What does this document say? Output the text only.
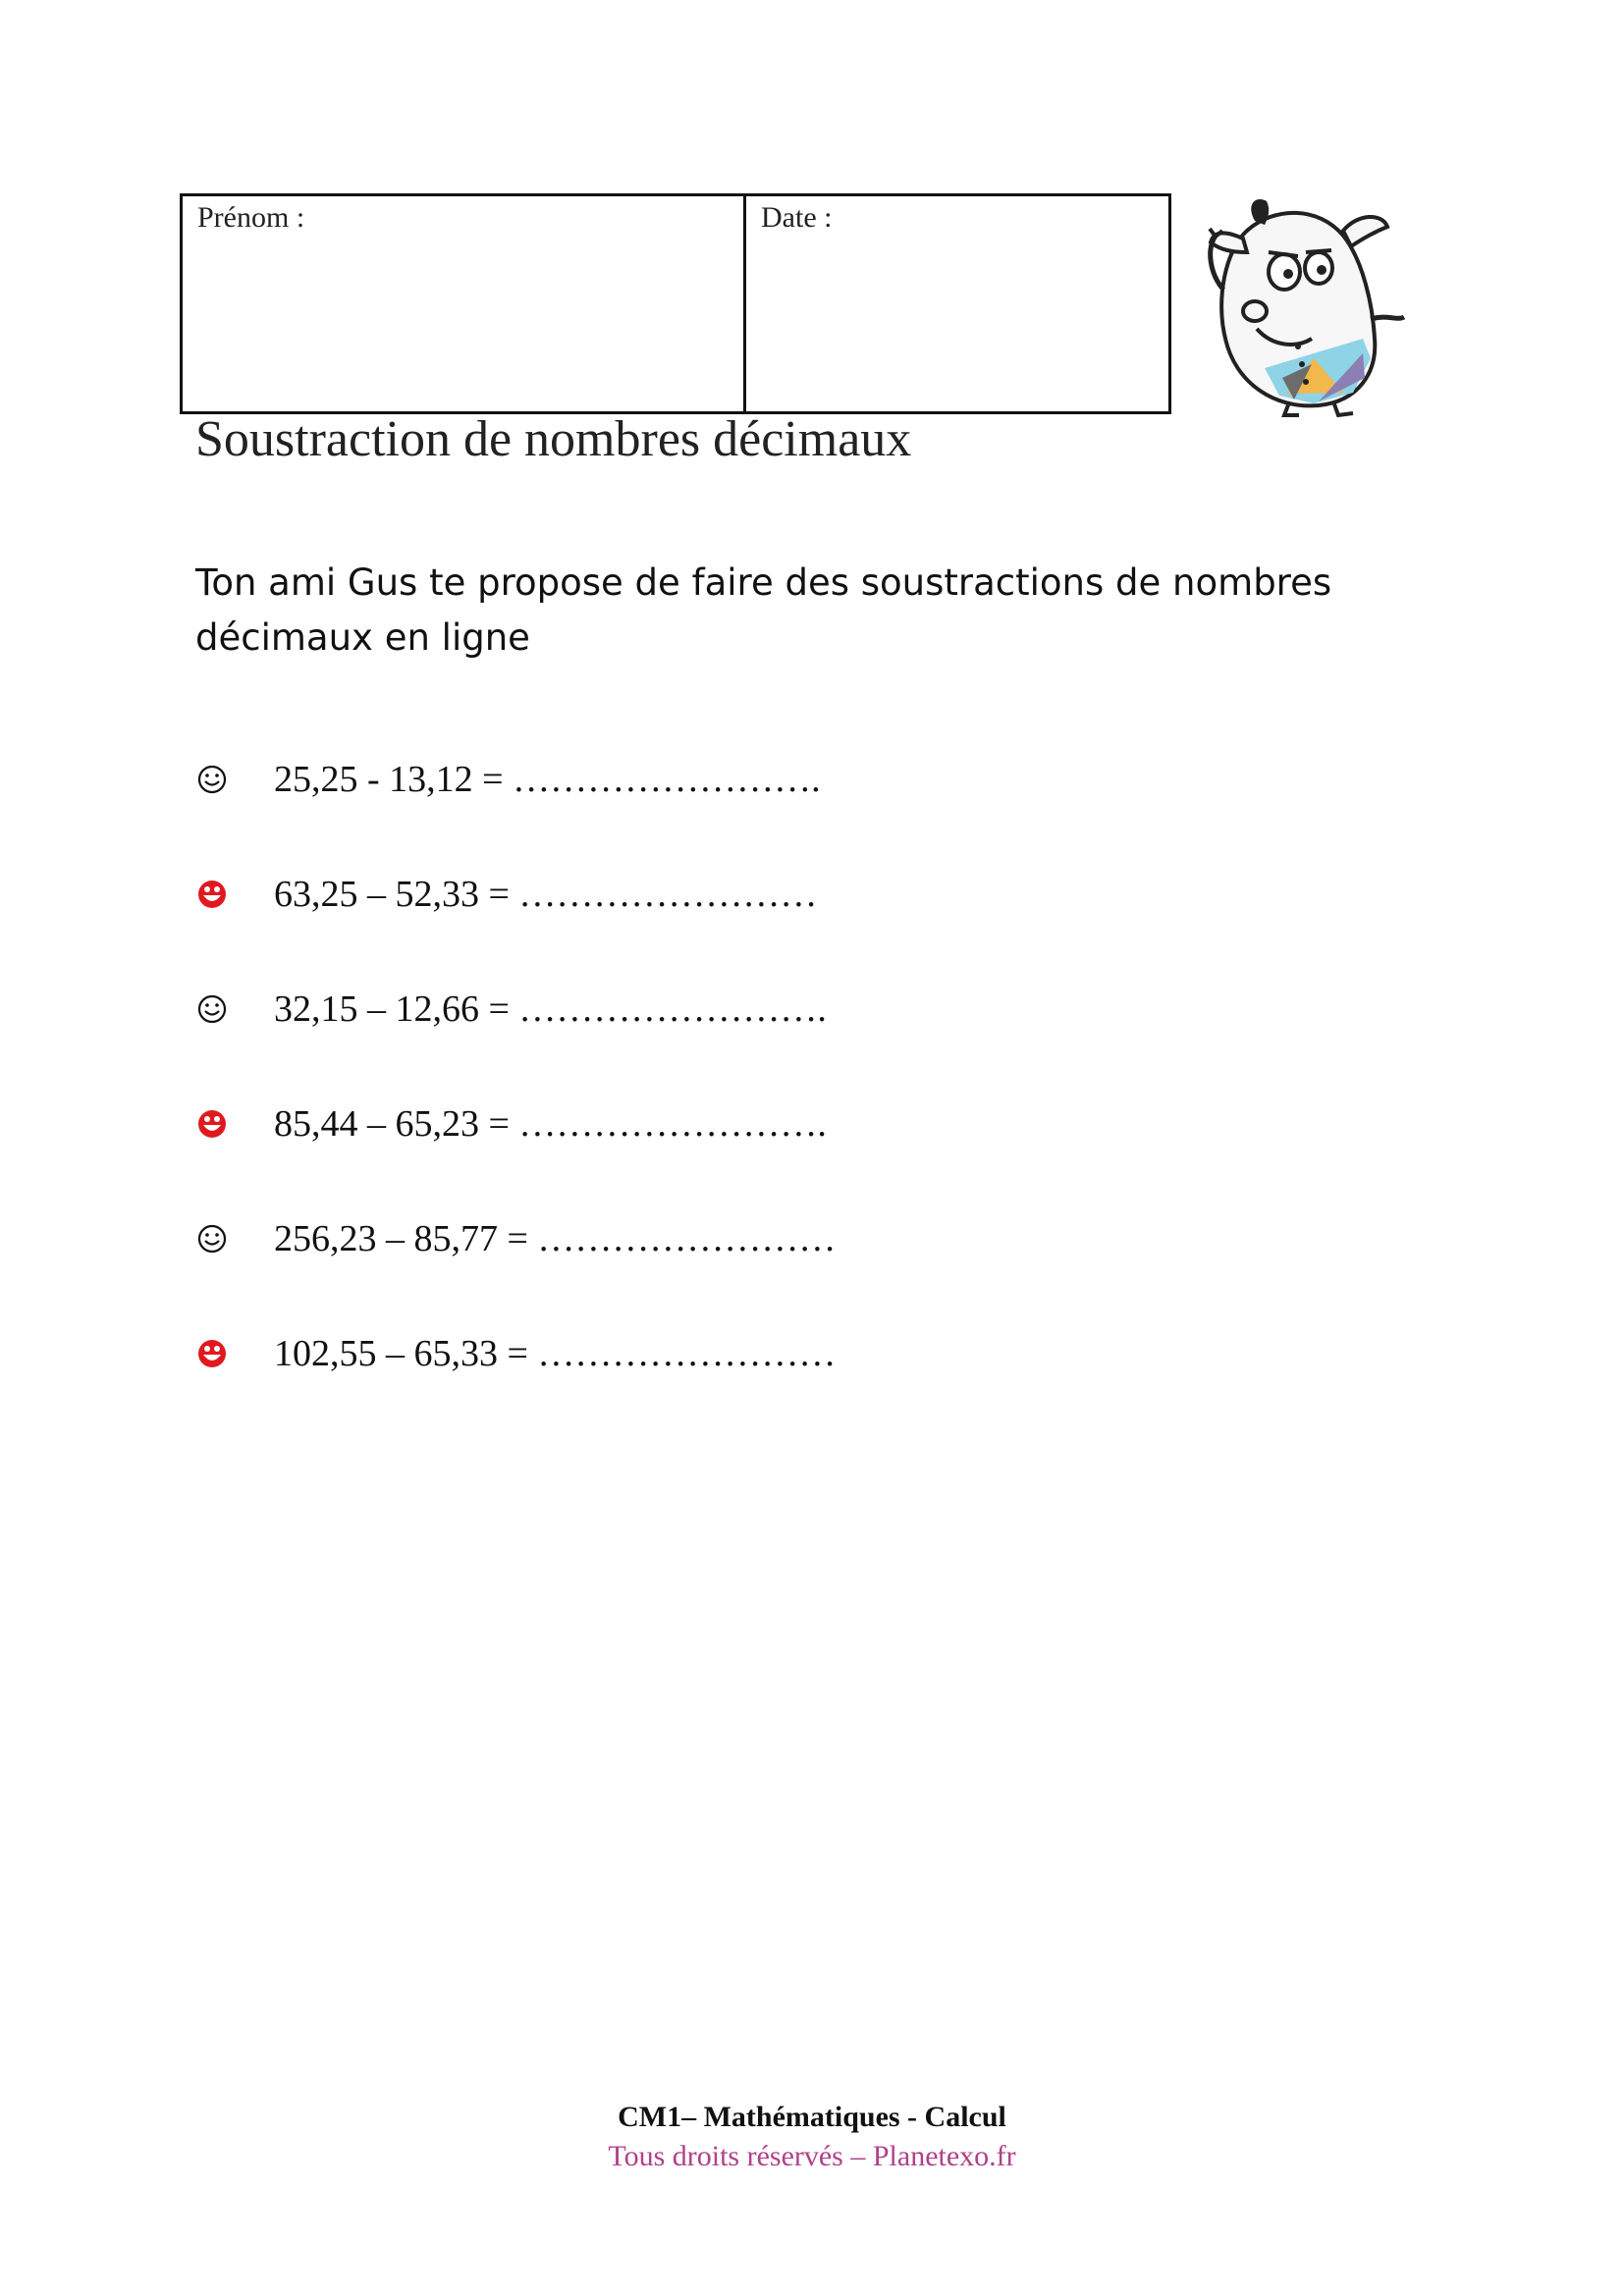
Prénom :	Date :
Soustraction de nombres décimaux

Ton ami Gus te propose de faire des soustractions de nombres décimaux en ligne

25,25 - 13,12 = …………………….
63,25 – 52,33 = ……………………
32,15 – 12,66 = …………………….
85,44 – 65,23 = …………………….
256,23 – 85,77 = ……………………
102,55 – 65,33 = ……………………
CM1– Mathématiques - Calcul
Tous droits réservés – Planetexo.fr
